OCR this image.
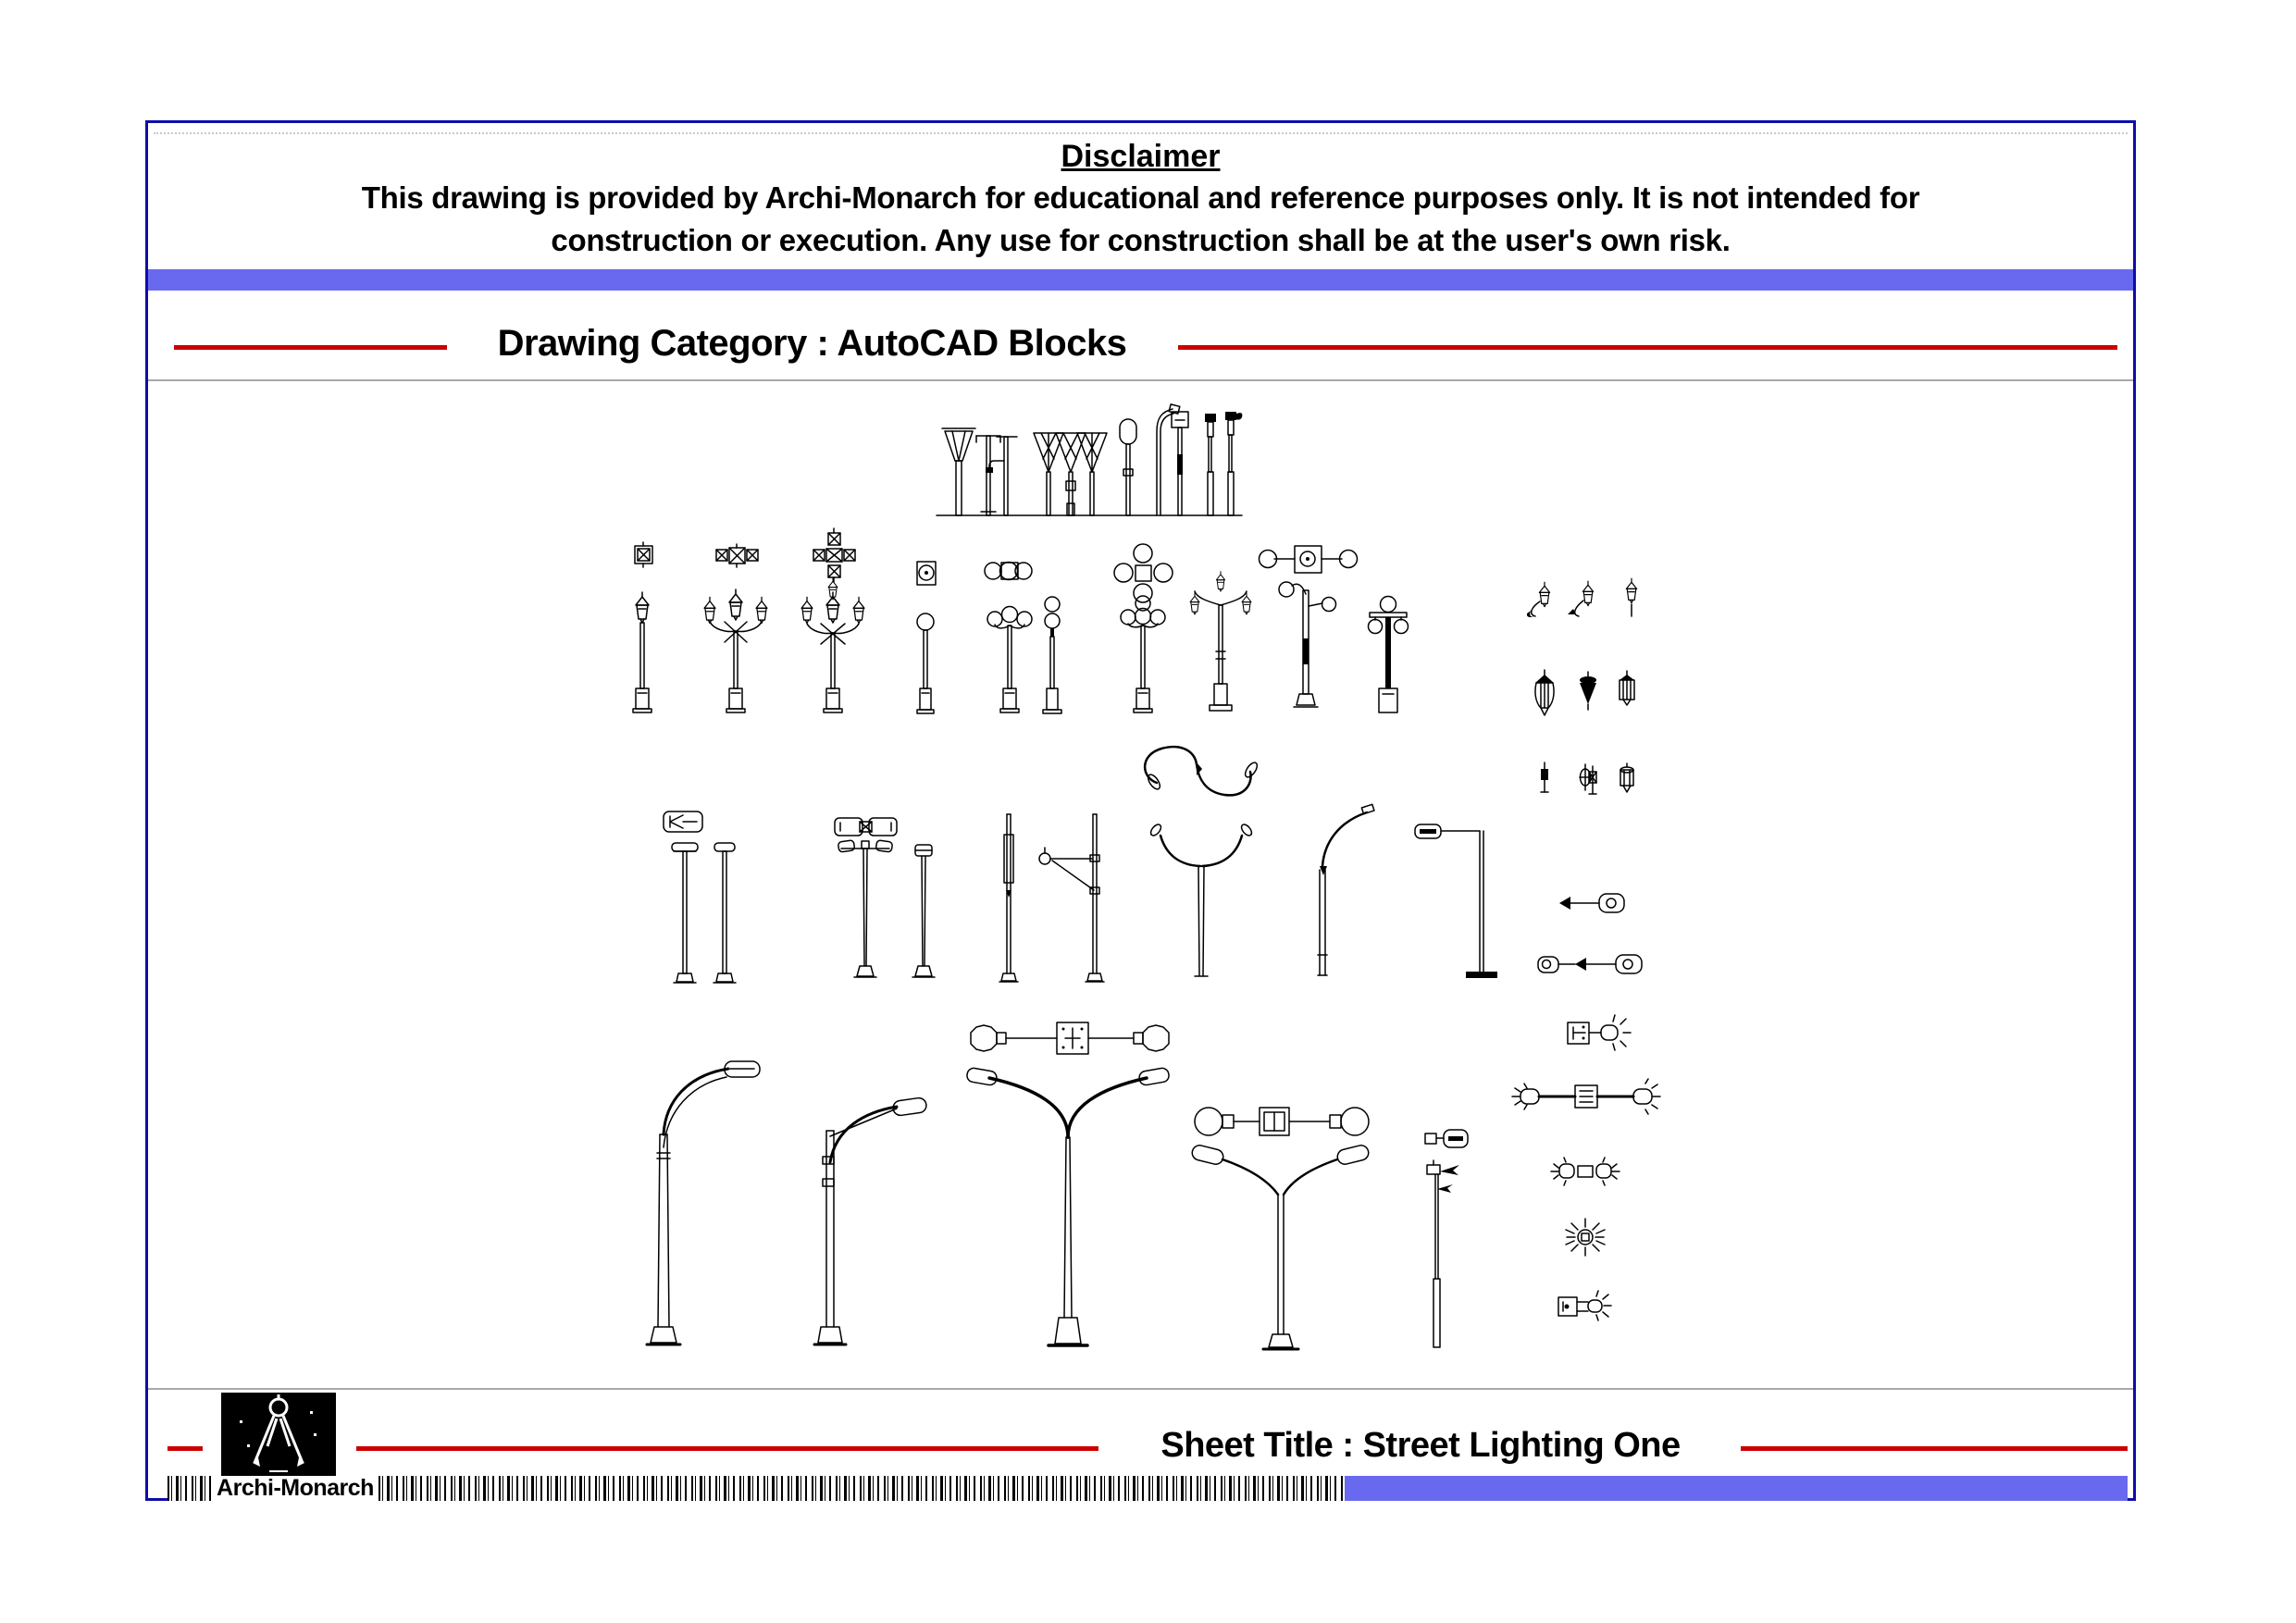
Disclaimer
This drawing is provided by Archi-Monarch for educational and reference purposes only. It is not intended for
construction or execution. Any use for construction shall be at the user's own risk.
Drawing Category : AutoCAD Blocks
Sheet Title : Street Lighting One
Archi-Monarch
